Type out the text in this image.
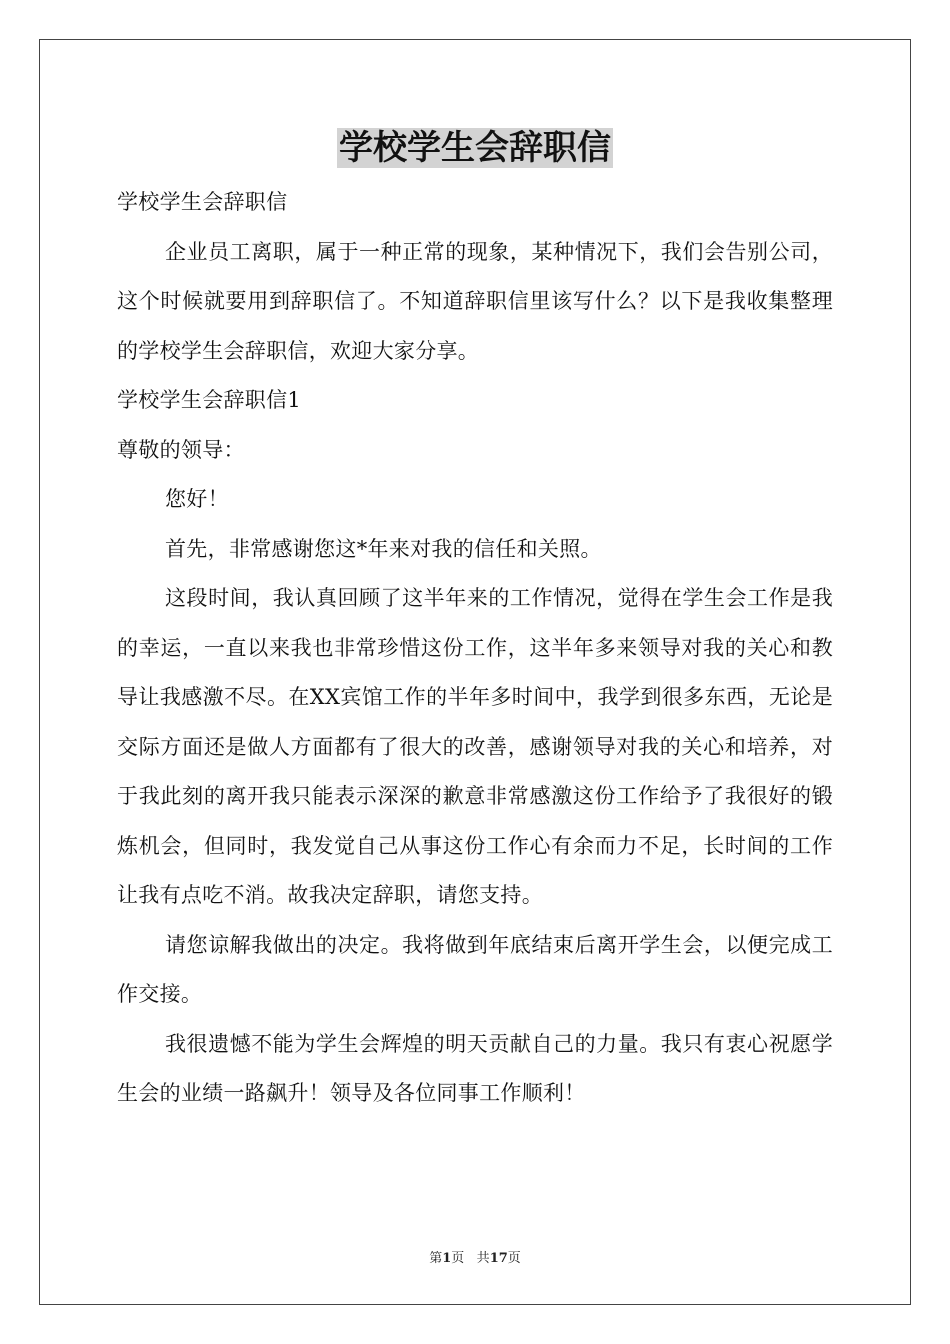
学校学生会辞职信

学校学生会辞职信

企业员工离职，属于一种正常的现象，某种情况下，我们会告别公司，这个时候就要用到辞职信了。不知道辞职信里该写什么？以下是我收集整理的学校学生会辞职信，欢迎大家分享。

学校学生会辞职信1

尊敬的领导：

您好！

首先，非常感谢您这*年来对我的信任和关照。

这段时间，我认真回顾了这半年来的工作情况，觉得在学生会工作是我的幸运，一直以来我也非常珍惜这份工作，这半年多来领导对我的关心和教导让我感激不尽。在XX宾馆工作的半年多时间中，我学到很多东西，无论是交际方面还是做人方面都有了很大的改善，感谢领导对我的关心和培养，对于我此刻的离开我只能表示深深的歉意非常感激这份工作给予了我很好的锻炼机会，但同时，我发觉自己从事这份工作心有余而力不足，长时间的工作让我有点吃不消。故我决定辞职，请您支持。

请您谅解我做出的决定。我将做到年底结束后离开学生会，以便完成工作交接。

我很遗憾不能为学生会辉煌的明天贡献自己的力量。我只有衷心祝愿学生会的业绩一路飙升！领导及各位同事工作顺利！

第1页 共17页
